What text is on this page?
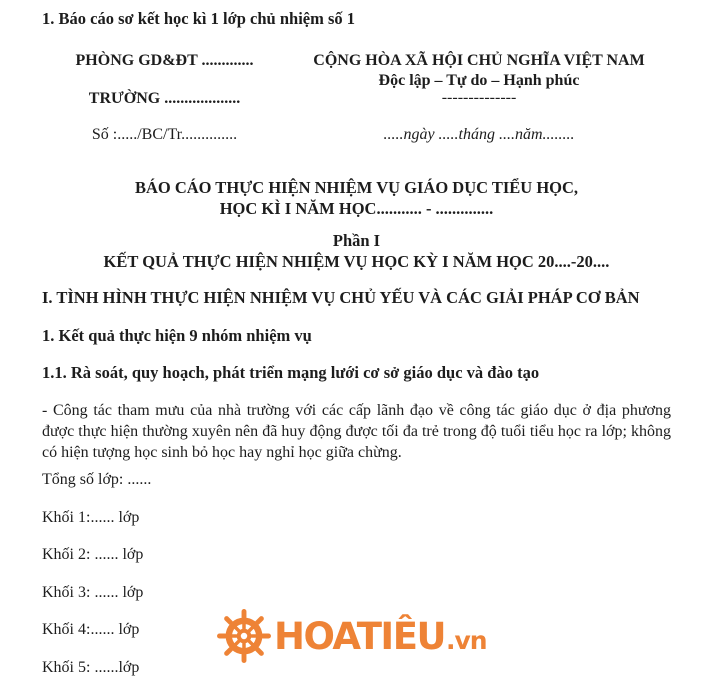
1. Báo cáo sơ kết học kì 1 lớp chủ nhiệm số 1
PHÒNG GD&ĐT .............
TRƯỜNG ...................
Số :...../BC/Tr..............
CỘNG HÒA XÃ HỘI CHỦ NGHĨA VIỆT NAM
Độc lập – Tự do – Hạnh phúc
--------------
.....ngày .....tháng ....năm........
BÁO CÁO THỰC HIỆN NHIỆM VỤ GIÁO DỤC TIỂU HỌC,
HỌC KÌ I NĂM HỌC........... - ..............
Phần I
KẾT QUẢ THỰC HIỆN NHIỆM VỤ HỌC KỲ I NĂM HỌC 20....-20....
I. TÌNH HÌNH THỰC HIỆN NHIỆM VỤ CHỦ YẾU VÀ CÁC GIẢI PHÁP CƠ BẢN
1. Kết quả thực hiện 9 nhóm nhiệm vụ
1.1. Rà soát, quy hoạch, phát triển mạng lưới cơ sở giáo dục và đào tạo
- Công tác tham mưu của nhà trường với các cấp lãnh đạo về công tác giáo dục ở địa phương được thực hiện thường xuyên nên đã huy động được tối đa trẻ trong độ tuổi tiểu học ra lớp; không có hiện tượng học sinh bỏ học hay nghỉ học giữa chừng.
Tổng số lớp: ......
Khối 1:...... lớp
Khối 2: ...... lớp
Khối 3: ...... lớp
Khối 4:...... lớp
Khối 5: ......lớp
HOATIÊU .vn
